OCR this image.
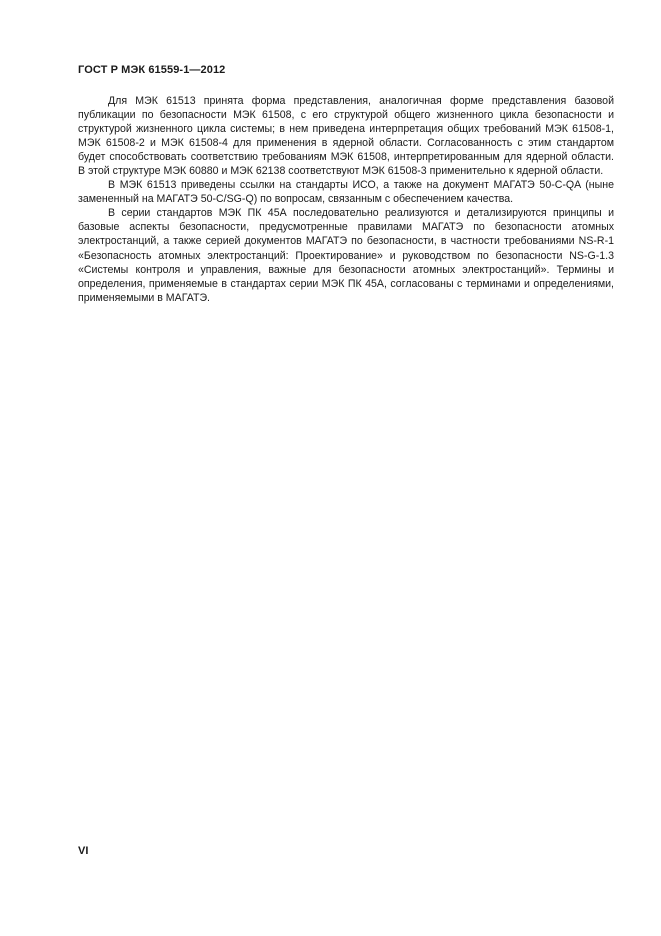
ГОСТ Р МЭК 61559-1—2012

Для МЭК 61513 принята форма представления, аналогичная форме представления базовой публикации по безопасности МЭК 61508, с его структурой общего жизненного цикла безопасности и структурой жизненного цикла системы; в нем приведена интерпретация общих требований МЭК 61508-1, МЭК 61508-2 и МЭК 61508-4 для применения в ядерной области. Согласованность с этим стандартом будет способствовать соответствию требованиям МЭК 61508, интерпретированным для ядерной области. В этой структуре МЭК 60880 и МЭК 62138 соответствуют МЭК 61508-3 применительно к ядерной области.

В МЭК 61513 приведены ссылки на стандарты ИСО, а также на документ МАГАТЭ 50-С-QA (ныне замененный на МАГАТЭ 50-C/SG-Q) по вопросам, связанным с обеспечением качества.

В серии стандартов МЭК ПК 45А последовательно реализуются и детализируются принципы и базовые аспекты безопасности, предусмотренные правилами МАГАТЭ по безопасности атомных электростанций, а также серией документов МАГАТЭ по безопасности, в частности требованиями NS-R-1 «Безопасность атомных электростанций: Проектирование» и руководством по безопасности NS-G-1.3 «Системы контроля и управления, важные для безопасности атомных электростанций». Термины и определения, применяемые в стандартах серии МЭК ПК 45А, согласованы с терминами и определениями, применяемыми в МАГАТЭ.

VI
